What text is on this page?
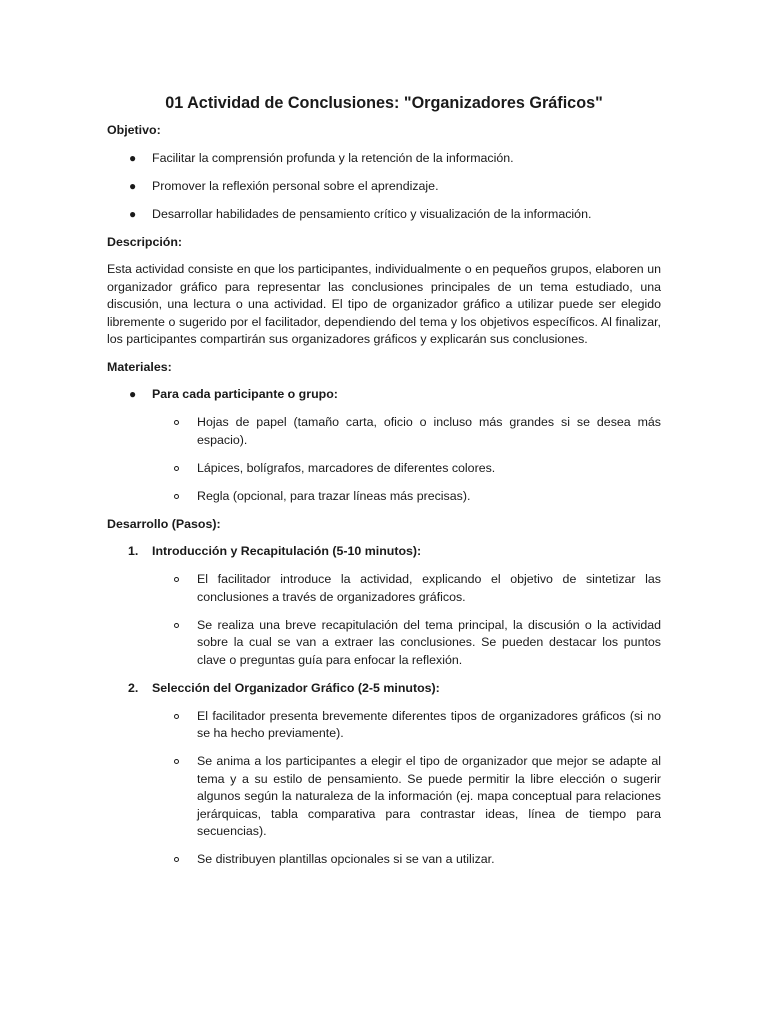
01 Actividad de Conclusiones: "Organizadores Gráficos"
Objetivo:
● Facilitar la comprensión profunda y la retención de la información.
● Promover la reflexión personal sobre el aprendizaje.
● Desarrollar habilidades de pensamiento crítico y visualización de la información.
Descripción:
Esta actividad consiste en que los participantes, individualmente o en pequeños grupos, elaboren un organizador gráfico para representar las conclusiones principales de un tema estudiado, una discusión, una lectura o una actividad. El tipo de organizador gráfico a utilizar puede ser elegido libremente o sugerido por el facilitador, dependiendo del tema y los objetivos específicos. Al finalizar, los participantes compartirán sus organizadores gráficos y explicarán sus conclusiones.
Materiales:
● Para cada participante o grupo:
Hojas de papel (tamaño carta, oficio o incluso más grandes si se desea más espacio).
Lápices, bolígrafos, marcadores de diferentes colores.
Regla (opcional, para trazar líneas más precisas).
Desarrollo (Pasos):
1. Introducción y Recapitulación (5-10 minutos):
El facilitador introduce la actividad, explicando el objetivo de sintetizar las conclusiones a través de organizadores gráficos.
Se realiza una breve recapitulación del tema principal, la discusión o la actividad sobre la cual se van a extraer las conclusiones. Se pueden destacar los puntos clave o preguntas guía para enfocar la reflexión.
2. Selección del Organizador Gráfico (2-5 minutos):
El facilitador presenta brevemente diferentes tipos de organizadores gráficos (si no se ha hecho previamente).
Se anima a los participantes a elegir el tipo de organizador que mejor se adapte al tema y a su estilo de pensamiento. Se puede permitir la libre elección o sugerir algunos según la naturaleza de la información (ej. mapa conceptual para relaciones jerárquicas, tabla comparativa para contrastar ideas, línea de tiempo para secuencias).
Se distribuyen plantillas opcionales si se van a utilizar.
